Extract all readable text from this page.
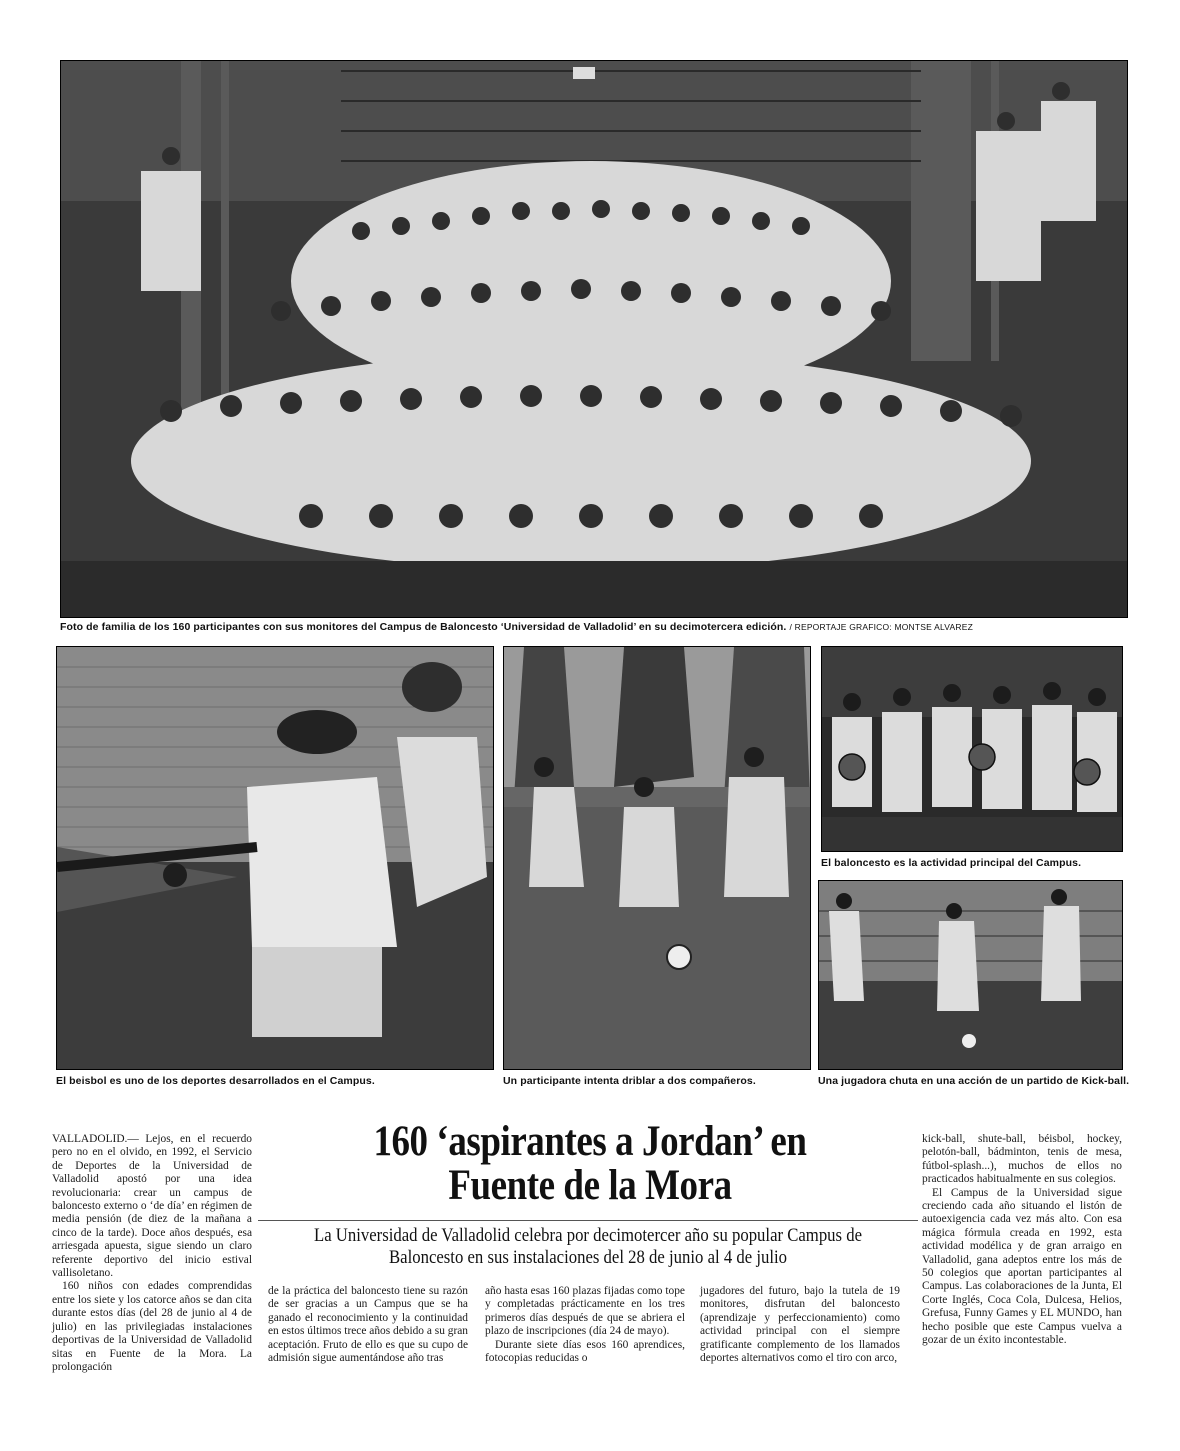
Foto de familia de los 160 participantes con sus monitores del Campus de Baloncesto ‘Universidad de Valladolid’ en su decimotercera edición. / REPORTAJE GRAFICO: MONTSE ALVAREZ
El beisbol es uno de los deportes desarrollados en el Campus.	Un participante intenta driblar a dos compañeros.
El baloncesto es la actividad principal del Campus.
Una jugadora chuta en una acción de un partido de Kick-ball.
160 ‘aspirantes a Jordan’ en Fuente de la Mora
La Universidad de Valladolid celebra por decimotercer año su popular Campus de Baloncesto en sus instalaciones del 28 de junio al 4 de julio

VALLADOLID.— Lejos, en el recuerdo pero no en el olvido, en 1992, el Servicio de Deportes de la Universidad de Valladolid apostó por una idea revolucionaria: crear un campus de baloncesto externo o ‘de día’ en régimen de media pensión (de diez de la mañana a cinco de la tarde). Doce años después, esa arriesgada apuesta, sigue siendo un claro referente deportivo del inicio estival vallisoletano.

160 niños con edades comprendidas entre los siete y los catorce años se dan cita durante estos días (del 28 de junio al 4 de julio) en las privilegiadas instalaciones deportivas de la Universidad de Valladolid sitas en Fuente de la Mora. La prolongación

de la práctica del baloncesto tiene su razón de ser gracias a un Campus que se ha ganado el reconocimiento y la continuidad en estos últimos trece años debido a su gran aceptación. Fruto de ello es que su cupo de admisión sigue aumentándose año tras

año hasta esas 160 plazas fijadas como tope y completadas prácticamente en los tres primeros días después de que se abriera el plazo de inscripciones (día 24 de mayo).

Durante siete días esos 160 aprendices, fotocopias reducidas o

jugadores del futuro, bajo la tutela de 19 monitores, disfrutan del baloncesto (aprendizaje y perfeccionamiento) como actividad principal con el siempre gratificante complemento de los llamados deportes alternativos como el tiro con arco,

kick-ball, shute-ball, béisbol, hockey, pelotón-ball, bádminton, tenis de mesa, fútbol-splash...), muchos de ellos no practicados habitualmente en sus colegios.

El Campus de la Universidad sigue creciendo cada año situando el listón de autoexigencia cada vez más alto. Con esa mágica fórmula creada en 1992, esta actividad modélica y de gran arraigo en Valladolid, gana adeptos entre los más de 50 colegios que aportan participantes al Campus. Las colaboraciones de la Junta, El Corte Inglés, Coca Cola, Dulcesa, Helios, Grefusa, Funny Games y EL MUNDO, han hecho posible que este Campus vuelva a gozar de un éxito incontestable.
